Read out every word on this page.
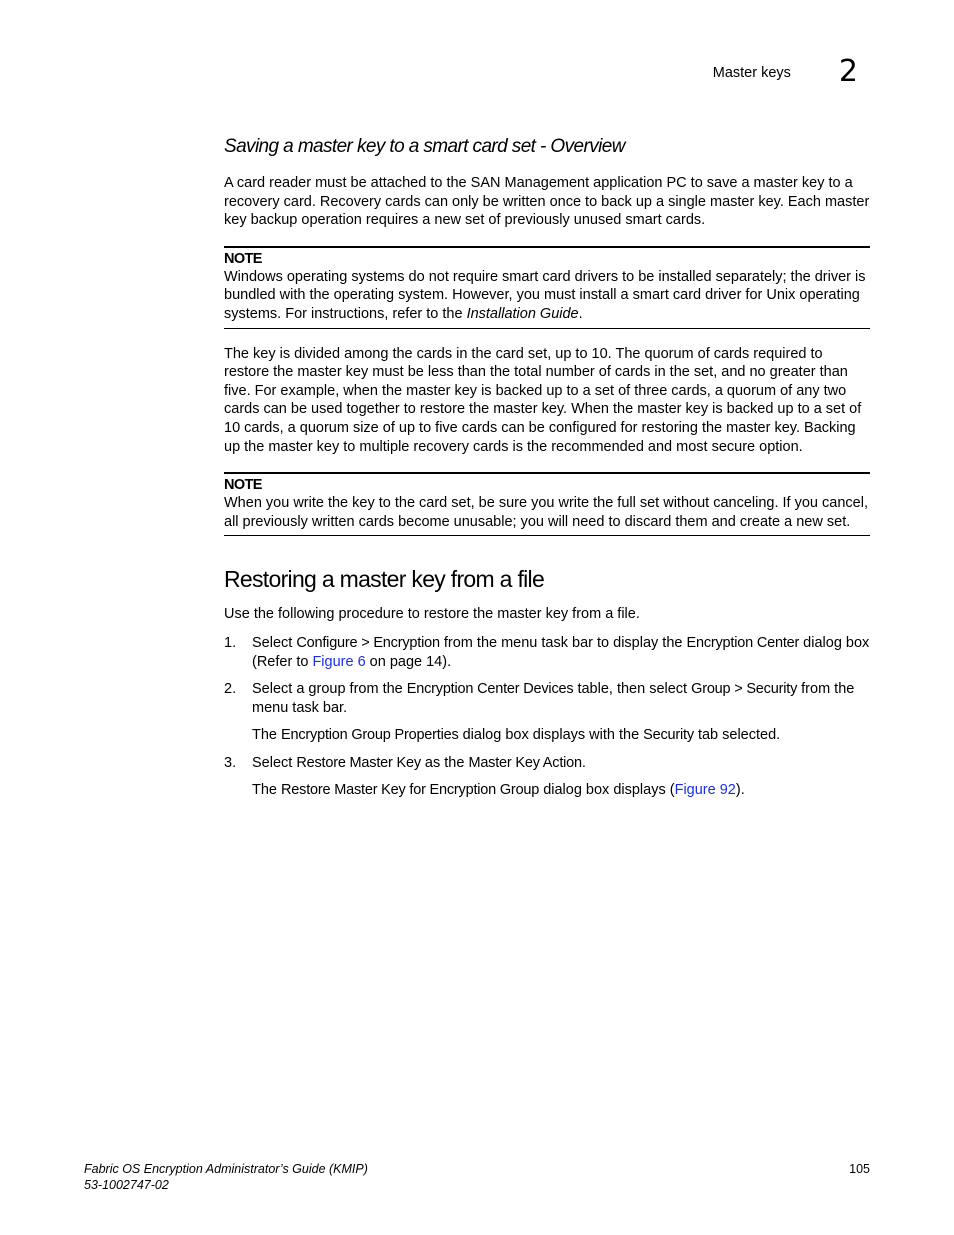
Master keys 2
Saving a master key to a smart card set - Overview

A card reader must be attached to the SAN Management application PC to save a master key to a recovery card. Recovery cards can only be written once to back up a single master key. Each master key backup operation requires a new set of previously unused smart cards.

NOTE

Windows operating systems do not require smart card drivers to be installed separately; the driver is bundled with the operating system. However, you must install a smart card driver for Unix operating systems. For instructions, refer to the Installation Guide.

The key is divided among the cards in the card set, up to 10. The quorum of cards required to restore the master key must be less than the total number of cards in the set, and no greater than five. For example, when the master key is backed up to a set of three cards, a quorum of any two cards can be used together to restore the master key. When the master key is backed up to a set of 10 cards, a quorum size of up to five cards can be configured for restoring the master key. Backing up the master key to multiple recovery cards is the recommended and most secure option.

NOTE

When you write the key to the card set, be sure you write the full set without canceling. If you cancel, all previously written cards become unusable; you will need to discard them and create a new set.

Restoring a master key from a file

Use the following procedure to restore the master key from a file.

1.	Select Configure > Encryption from the menu task bar to display the Encryption Center dialog box (Refer to Figure 6 on page 14).

2.	Select a group from the Encryption Center Devices table, then select Group > Security from the menu task bar.

The Encryption Group Properties dialog box displays with the Security tab selected.

3.	Select Restore Master Key as the Master Key Action.

The Restore Master Key for Encryption Group dialog box displays (Figure 92).

Fabric OS Encryption Administrator’s Guide (KMIP)
53-1002747-02
105
